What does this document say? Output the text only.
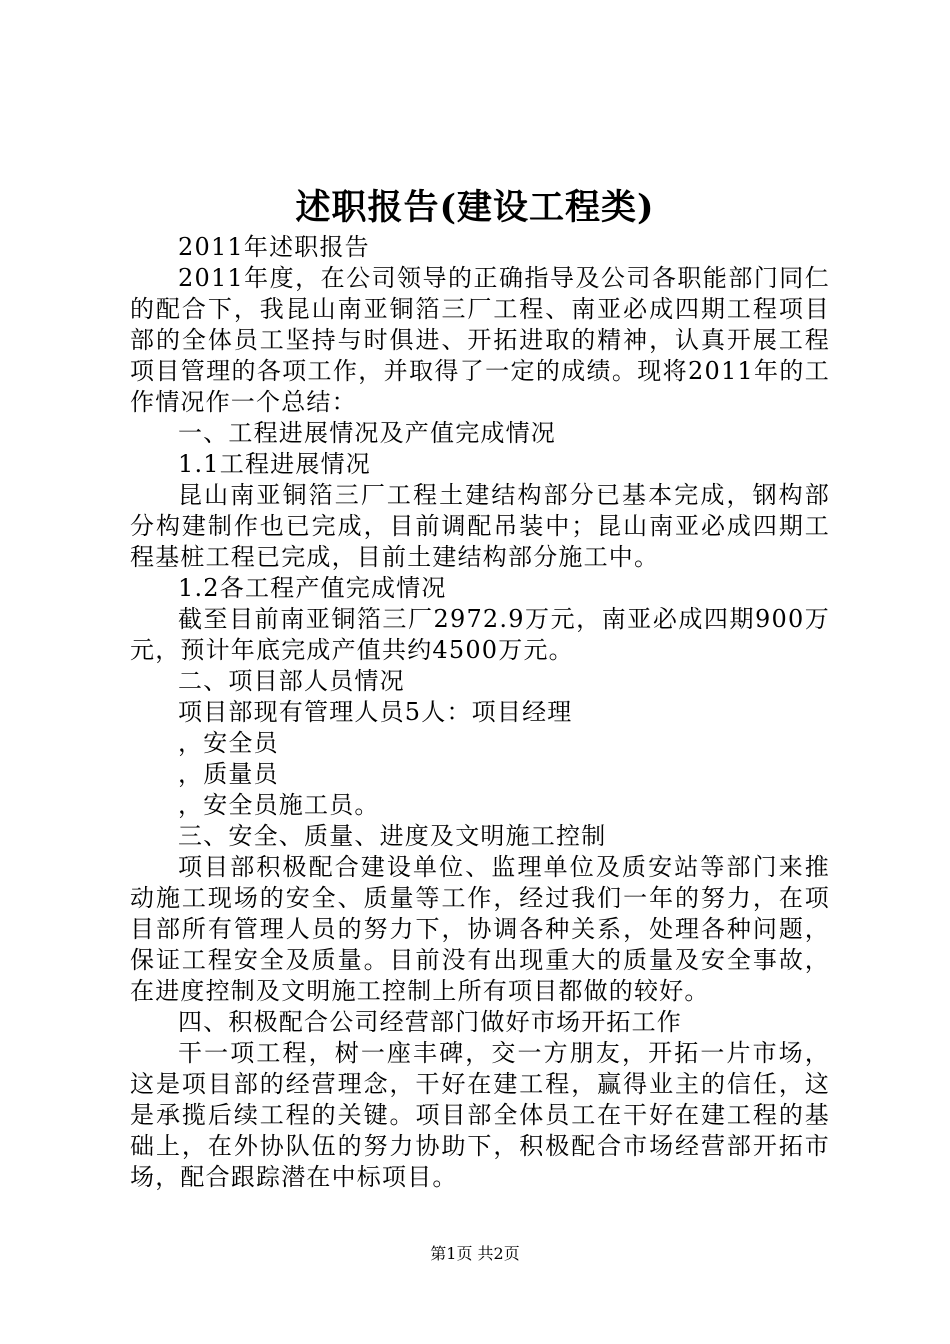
述职报告(建设工程类)

2011年述职报告

2011年度，在公司领导的正确指导及公司各职能部门同仁的配合下，我昆山南亚铜箔三厂工程、南亚必成四期工程项目部的全体员工坚持与时俱进、开拓进取的精神，认真开展工程项目管理的各项工作，并取得了一定的成绩。现将2011年的工作情况作一个总结：

一、工程进展情况及产值完成情况

1.1工程进展情况

昆山南亚铜箔三厂工程土建结构部分已基本完成，钢构部分构建制作也已完成，目前调配吊装中；昆山南亚必成四期工程基桩工程已完成，目前土建结构部分施工中。

1.2各工程产值完成情况

截至目前南亚铜箔三厂2972.9万元，南亚必成四期900万元，预计年底完成产值共约4500万元。

二、项目部人员情况

项目部现有管理人员5人：项目经理

，安全员

，质量员

，安全员施工员。

三、安全、质量、进度及文明施工控制

项目部积极配合建设单位、监理单位及质安站等部门来推动施工现场的安全、质量等工作，经过我们一年的努力，在项目部所有管理人员的努力下，协调各种关系，处理各种问题，保证工程安全及质量。目前没有出现重大的质量及安全事故，在进度控制及文明施工控制上所有项目都做的较好。

四、积极配合公司经营部门做好市场开拓工作

干一项工程，树一座丰碑，交一方朋友，开拓一片市场，这是项目部的经营理念，干好在建工程，赢得业主的信任，这是承揽后续工程的关键。项目部全体员工在干好在建工程的基础上，在外协队伍的努力协助下，积极配合市场经营部开拓市场，配合跟踪潜在中标项目。

第1页 共2页
